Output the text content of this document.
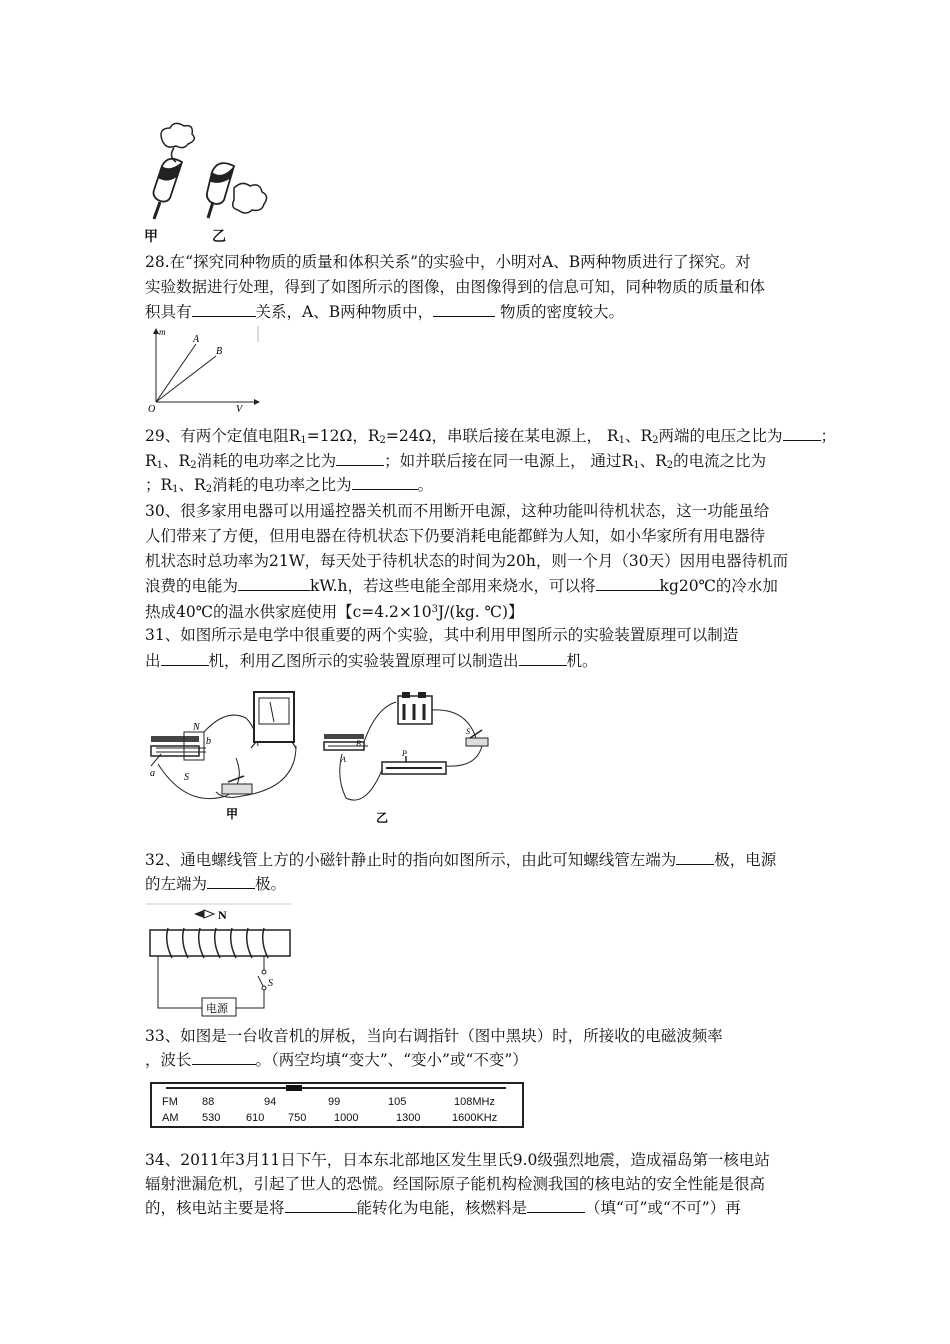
甲	乙
28.在“探究同种物质的质量和体积关系”的实验中，小明对A、B两种物质进行了探究。对
实验数据进行处理，得到了如图所示的图像，由图像得到的信息可知，同种物质的质量和体
积具有	关系，A、B两种物质中，	物质的密度较大。
m
O	V
A
B
29、有两个定值电阻$R_1=12\Omega$，$R_2=24\Omega$，串联后接在某电源上， $R_1$、$R_2$两端的电压之比为 ；
$R_1$、$R_2$消耗的电功率之比为	；如并联后接在同一电源上， 通过$R_1$、$R_2$的电流之比为
；$R_1$、$R_2$消耗的电功率之比为	。
30、很多家用电器可以用遥控器关机而不用断开电源，这种功能叫待机状态，这一功能虽给
人们带来了方便，但用电器在待机状态下仍要消耗电能都鲜为人知，如小华家所有用电器待
机状态时总功率为21W，每天处于待机状态的时间为20h，则一个月（30天）因用电器待机而
浪费的电能为	kW.h，若这些电能全部用来烧水，可以将	kg20℃的冷水加
热成40℃的温水供家庭使用【$c=4.2\times 10^3J/(kg$. ℃)】
31、如图所示是电学中很重要的两个实验，其中利用甲图所示的实验装置原理可以制造
出	机，利用乙图所示的实验装置原理可以制造出	机。
N
b
a	S
甲
A
B
S
P
乙
32、通电螺线管上方的小磁针静止时的指向如图所示，由此可知螺线管左端为 极，电源
的左端为	极。
N
S
电源
33、如图是一台收音机的屏板，当向右调指针（图中黑块）时，所接收的电磁波频率
，波长	。（两空均填“变大”、“变小”或“不变”）
FM
AM
88	94	99	105	108MHz
530 610 750	1000	1300	1600KHz
34、2011年3月11日下午，日本东北部地区发生里氏9.0级强烈地震，造成福岛第一核电站
辐射泄漏危机，引起了世人的恐慌。经国际原子能机构检测我国的核电站的安全性能是很高
的，核电站主要是将	能转化为电能，核燃料是	（填“可”或“不可”）再
